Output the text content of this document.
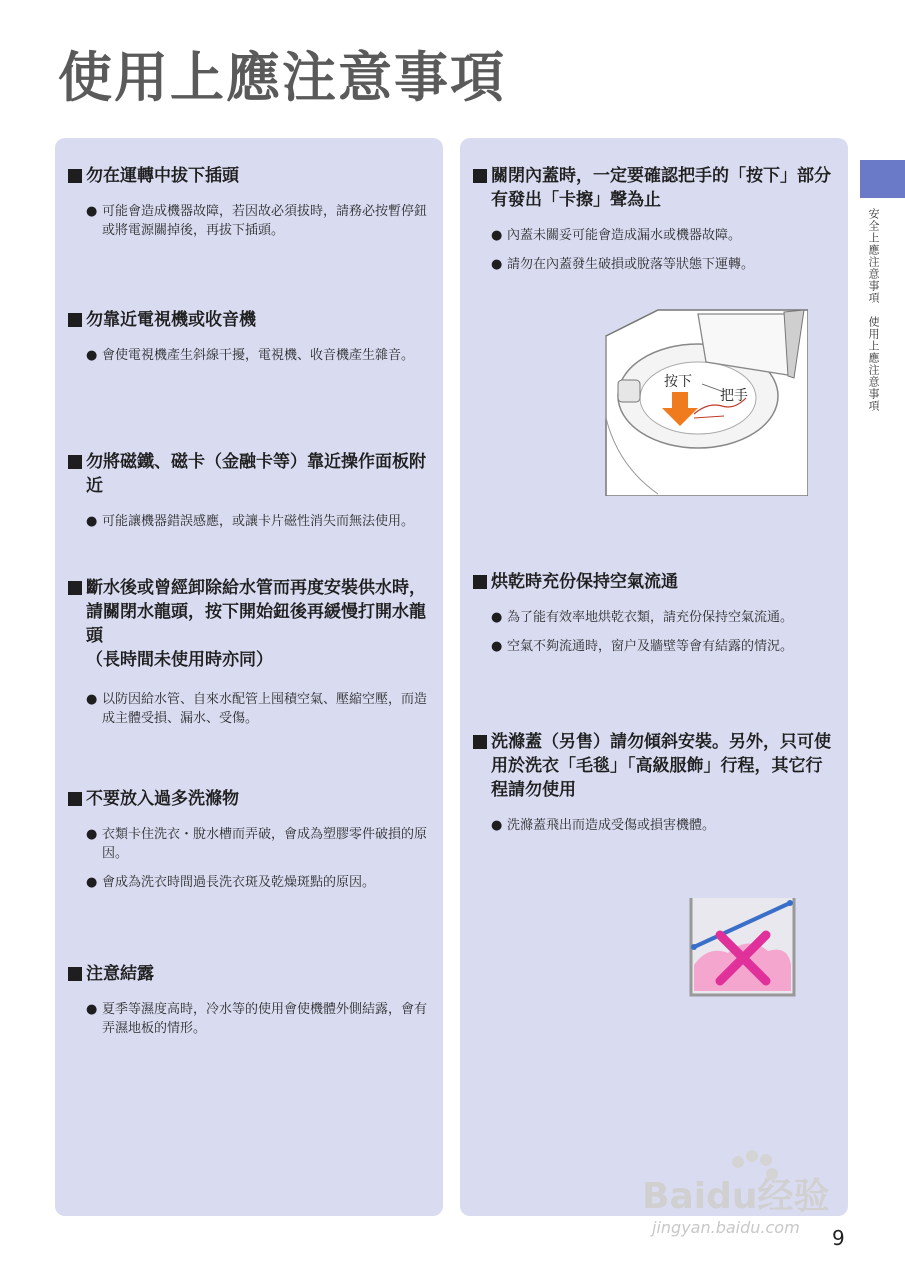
使用上應注意事項
勿在運轉中拔下插頭
● 可能會造成機器故障，若因故必須拔時，請務必按暫停鈕或將電源關掉後，再拔下插頭。
勿靠近電視機或收音機
● 會使電視機產生斜線干擾，電視機、收音機產生雜音。
勿將磁鐵、磁卡（金融卡等）靠近操作面板附近
● 可能讓機器錯誤感應，或讓卡片磁性消失而無法使用。
斷水後或曾經卸除給水管而再度安裝供水時，請關閉水龍頭，按下開始鈕後再緩慢打開水龍頭
（長時間未使用時亦同）
● 以防因給水管、自來水配管上囤積空氣、壓縮空壓，而造成主體受損、漏水、受傷。
不要放入過多洗滌物
● 衣類卡住洗衣・脫水槽而弄破，會成為塑膠零件破損的原因。
● 會成為洗衣時間過長洗衣斑及乾燥斑點的原因。
注意結露
● 夏季等濕度高時，冷水等的使用會使機體外側結露，會有弄濕地板的情形。
關閉內蓋時，一定要確認把手的「按下」部分有發出「卡擦」聲為止
● 內蓋未關妥可能會造成漏水或機器故障。
● 請勿在內蓋發生破損或脫落等狀態下運轉。
烘乾時充份保持空氣流通
● 為了能有效率地烘乾衣類，請充份保持空氣流通。
● 空氣不夠流通時，窗户及牆壁等會有結露的情況。
洗滌蓋（另售）請勿傾斜安裝。另外，只可使用於洗衣「毛毯」「高級服飾」行程，其它行程請勿使用
● 洗滌蓋飛出而造成受傷或損害機體。
按下
把手	安全上應注意事項　使用上應注意事項
Baidu经验
jingyan.baidu.com 9
